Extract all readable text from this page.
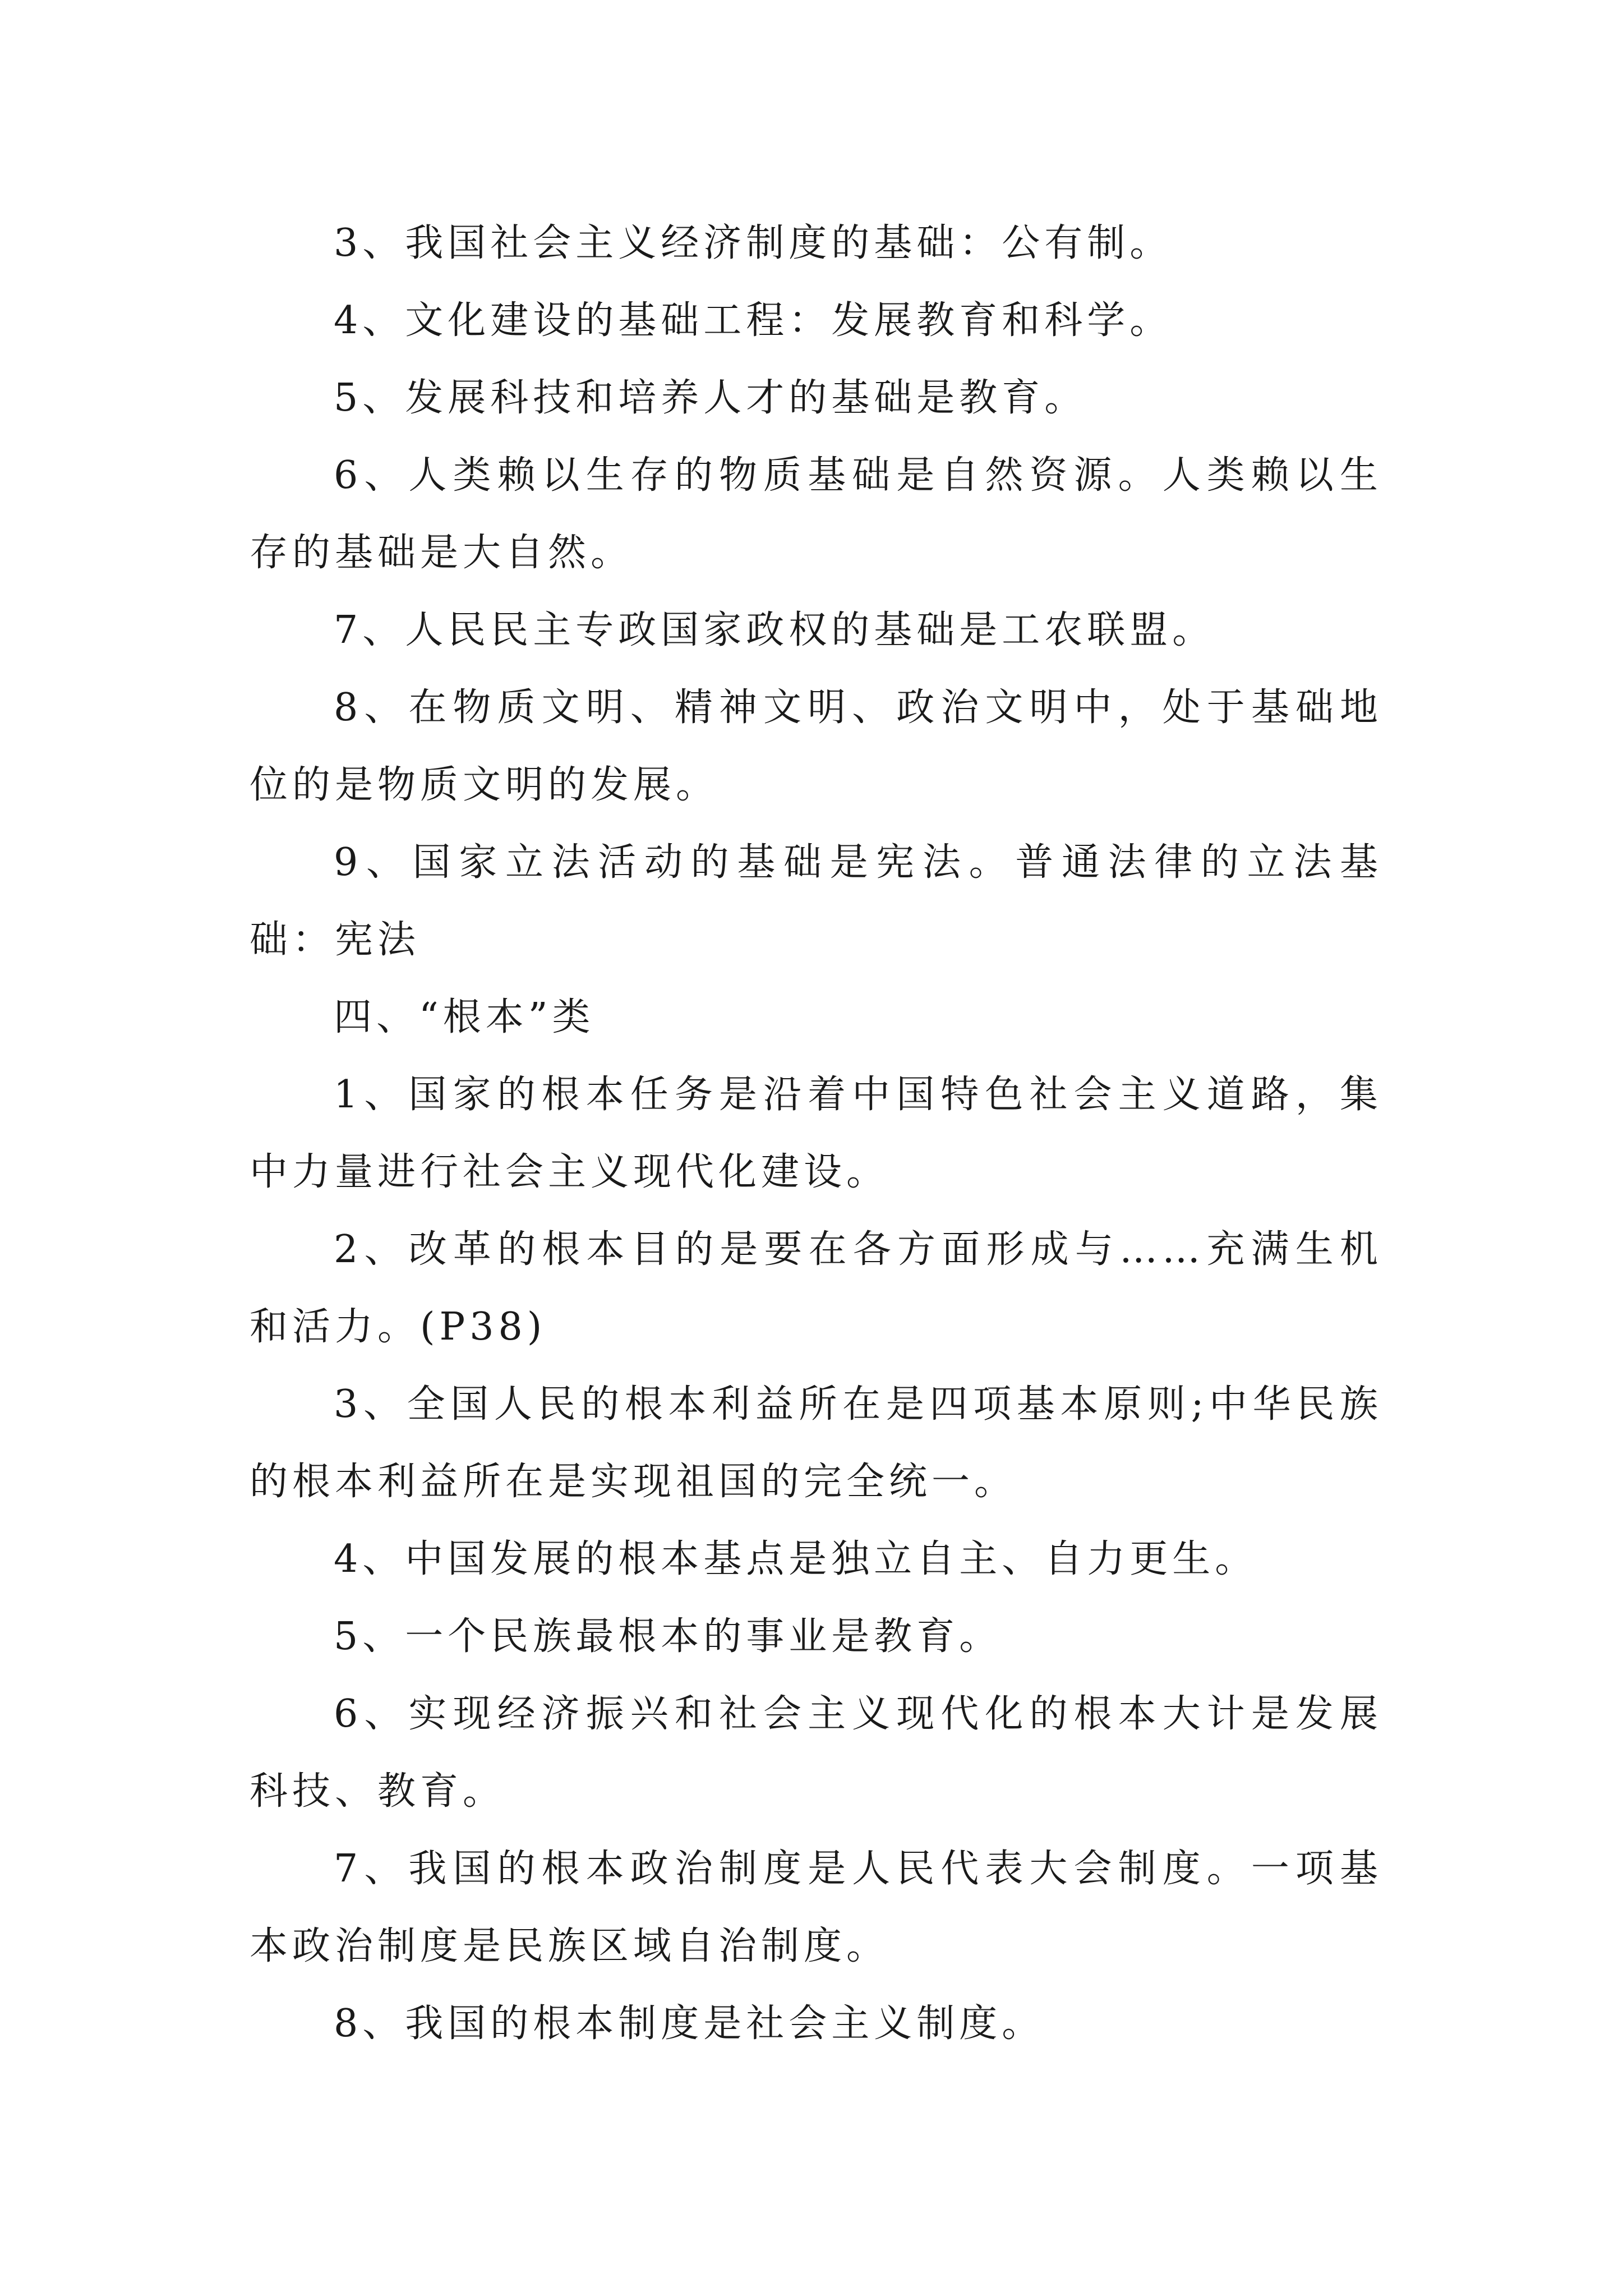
3、我国社会主义经济制度的基础：公有制。

4、文化建设的基础工程：发展教育和科学。

5、发展科技和培养人才的基础是教育。

6、人类赖以生存的物质基础是自然资源。人类赖以生存的基础是大自然。

7、人民民主专政国家政权的基础是工农联盟。

8、在物质文明、精神文明、政治文明中，处于基础地位的是物质文明的发展。

9、国家立法活动的基础是宪法。普通法律的立法基础：宪法

四、“根本”类

1、国家的根本任务是沿着中国特色社会主义道路，集中力量进行社会主义现代化建设。

2、改革的根本目的是要在各方面形成与……充满生机和活力。(P38)

3、全国人民的根本利益所在是四项基本原则;中华民族的根本利益所在是实现祖国的完全统一。

4、中国发展的根本基点是独立自主、自力更生。

5、一个民族最根本的事业是教育。

6、实现经济振兴和社会主义现代化的根本大计是发展科技、教育。

7、我国的根本政治制度是人民代表大会制度。一项基本政治制度是民族区域自治制度。

8、我国的根本制度是社会主义制度。
